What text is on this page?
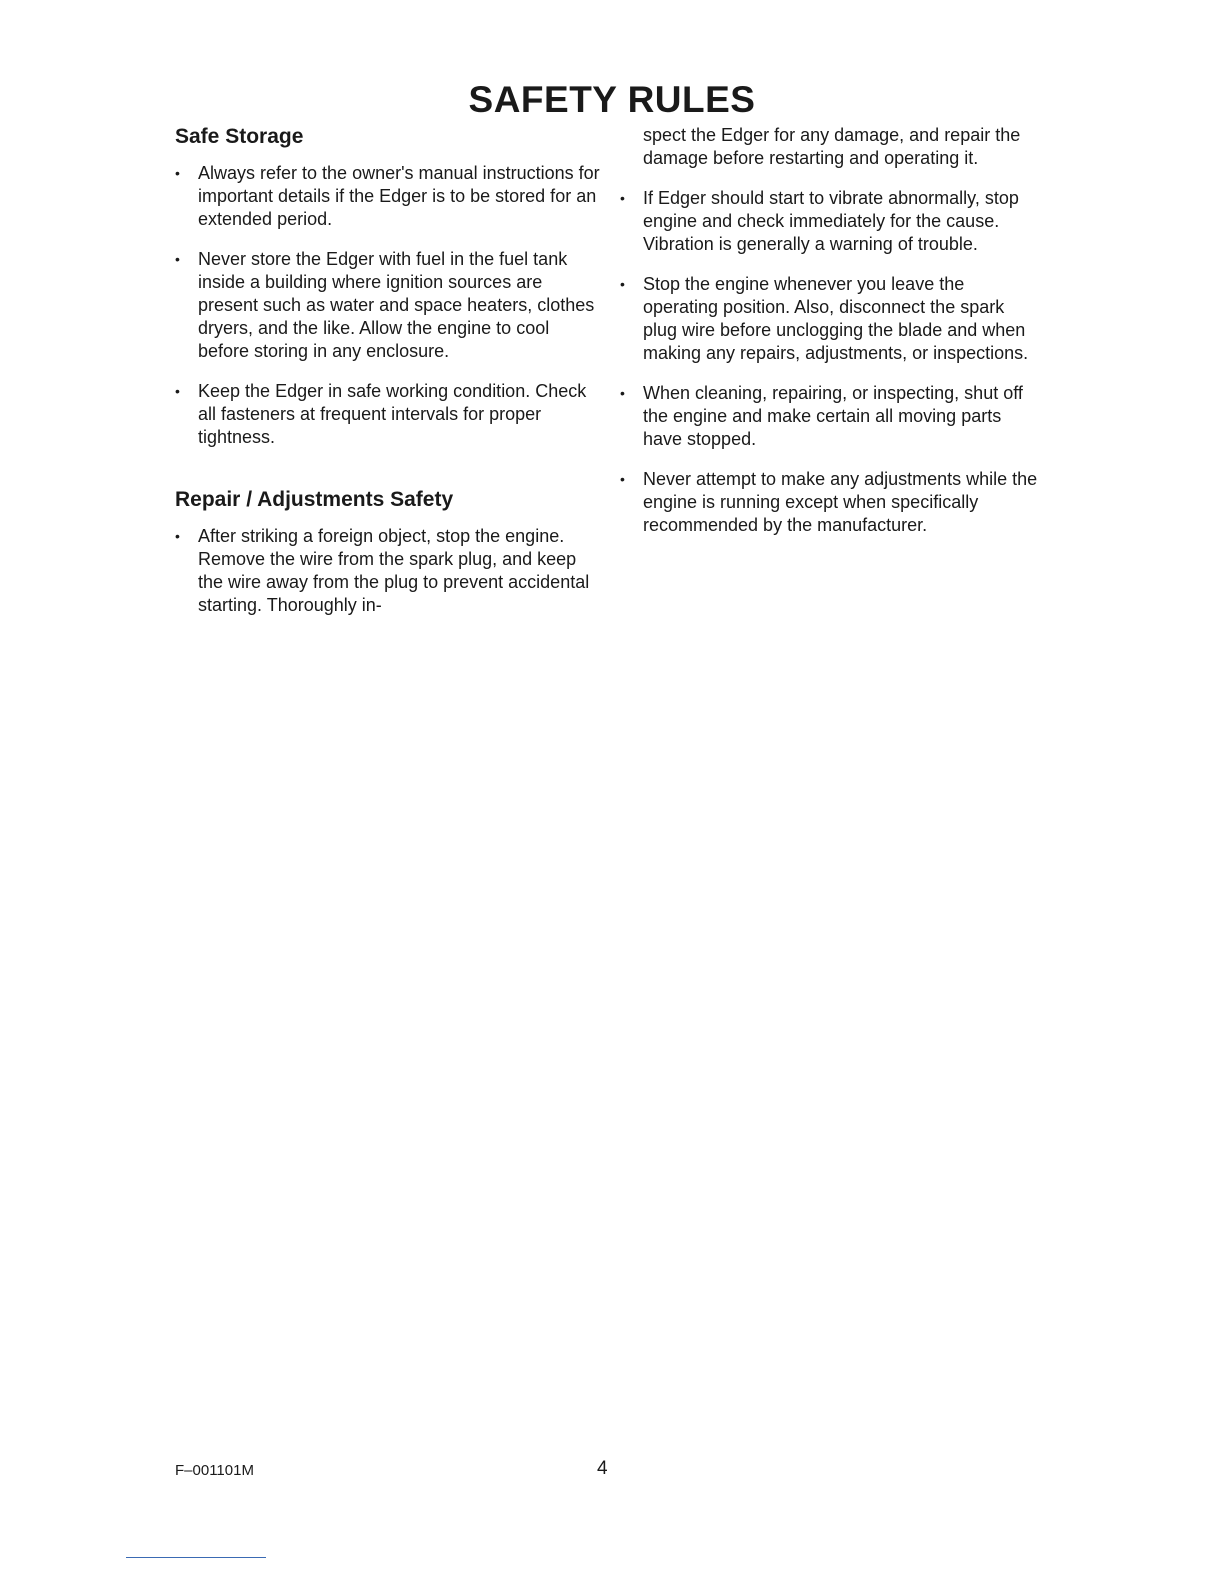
SAFETY RULES
Safe Storage
• Always refer to the owner's manual instructions for important details if the Edger is to be stored for an extended period.
• Never store the Edger with fuel in the fuel tank inside a building where ignition sources are present such as water and space heaters, clothes dryers, and the like. Allow the engine to cool before storing in any enclosure.
• Keep the Edger in safe working condition. Check all fasteners at frequent intervals for proper tightness.
Repair / Adjustments Safety
• After striking a foreign object, stop the engine. Remove the wire from the spark plug, and keep the wire away from the plug to prevent accidental starting. Thoroughly in-

spect the Edger for any damage, and repair the damage before restarting and operating it.

• If Edger should start to vibrate abnormally, stop engine and check immediately for the cause. Vibration is generally a warning of trouble.
• Stop the engine whenever you leave the operating position. Also, disconnect the spark plug wire before unclogging the blade and when making any repairs, adjustments, or inspections.
• When cleaning, repairing, or inspecting, shut off the engine and make certain all moving parts have stopped.
• Never attempt to make any adjustments while the engine is running except when specifically recommended by the manufacturer.
F–001101M	4
